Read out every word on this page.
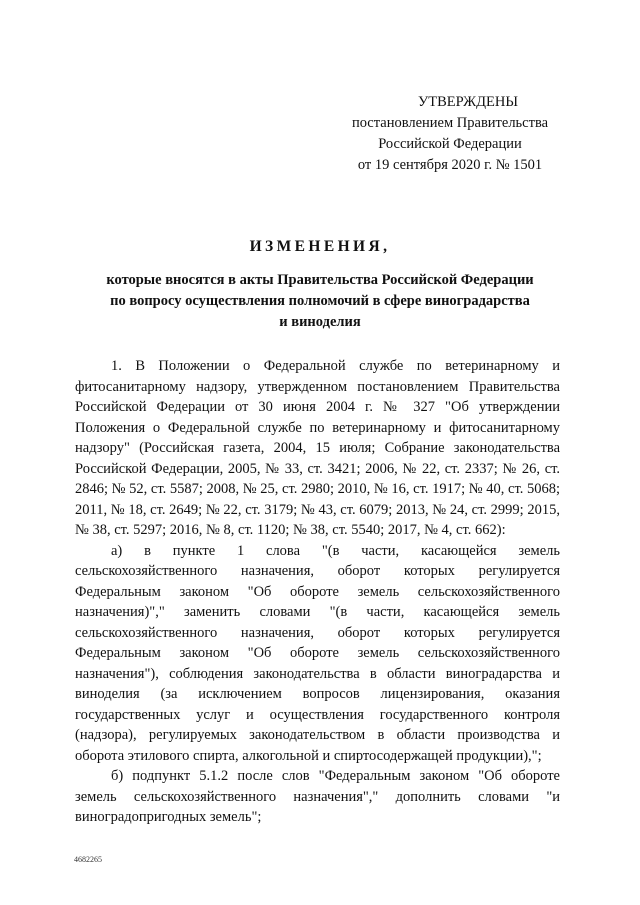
УТВЕРЖДЕНЫ
постановлением Правительства
Российской Федерации
от 19 сентября 2020 г. № 1501
ИЗМЕНЕНИЯ,
которые вносятся в акты Правительства Российской Федерации
по вопросу осуществления полномочий в сфере виноградарства
и виноделия

1. В Положении о Федеральной службе по ветеринарному и фитосанитарному надзору, утвержденном постановлением Правительства Российской Федерации от 30 июня 2004 г. № 327 "Об утверждении Положения о Федеральной службе по ветеринарному и фитосанитарному надзору" (Российская газета, 2004, 15 июля; Собрание законодательства Российской Федерации, 2005, № 33, ст. 3421; 2006, № 22, ст. 2337; № 26, ст. 2846; № 52, ст. 5587; 2008, № 25, ст. 2980; 2010, № 16, ст. 1917; № 40, ст. 5068; 2011, № 18, ст. 2649; № 22, ст. 3179; № 43, ст. 6079; 2013, № 24, ст. 2999; 2015, № 38, ст. 5297; 2016, № 8, ст. 1120; № 38, ст. 5540; 2017, № 4, ст. 662):

а) в пункте 1 слова "(в части, касающейся земель сельскохозяйственного назначения, оборот которых регулируется Федеральным законом "Об обороте земель сельскохозяйственного назначения)"," заменить словами "(в части, касающейся земель сельскохозяйственного назначения, оборот которых регулируется Федеральным законом "Об обороте земель сельскохозяйственного назначения"), соблюдения законодательства в области виноградарства и виноделия (за исключением вопросов лицензирования, оказания государственных услуг и осуществления государственного контроля (надзора), регулируемых законодательством в области производства и оборота этилового спирта, алкогольной и спиртосодержащей продукции),";

б) подпункт 5.1.2 после слов "Федеральным законом "Об обороте земель сельскохозяйственного назначения"," дополнить словами "и виноградопригодных земель";

4682265
